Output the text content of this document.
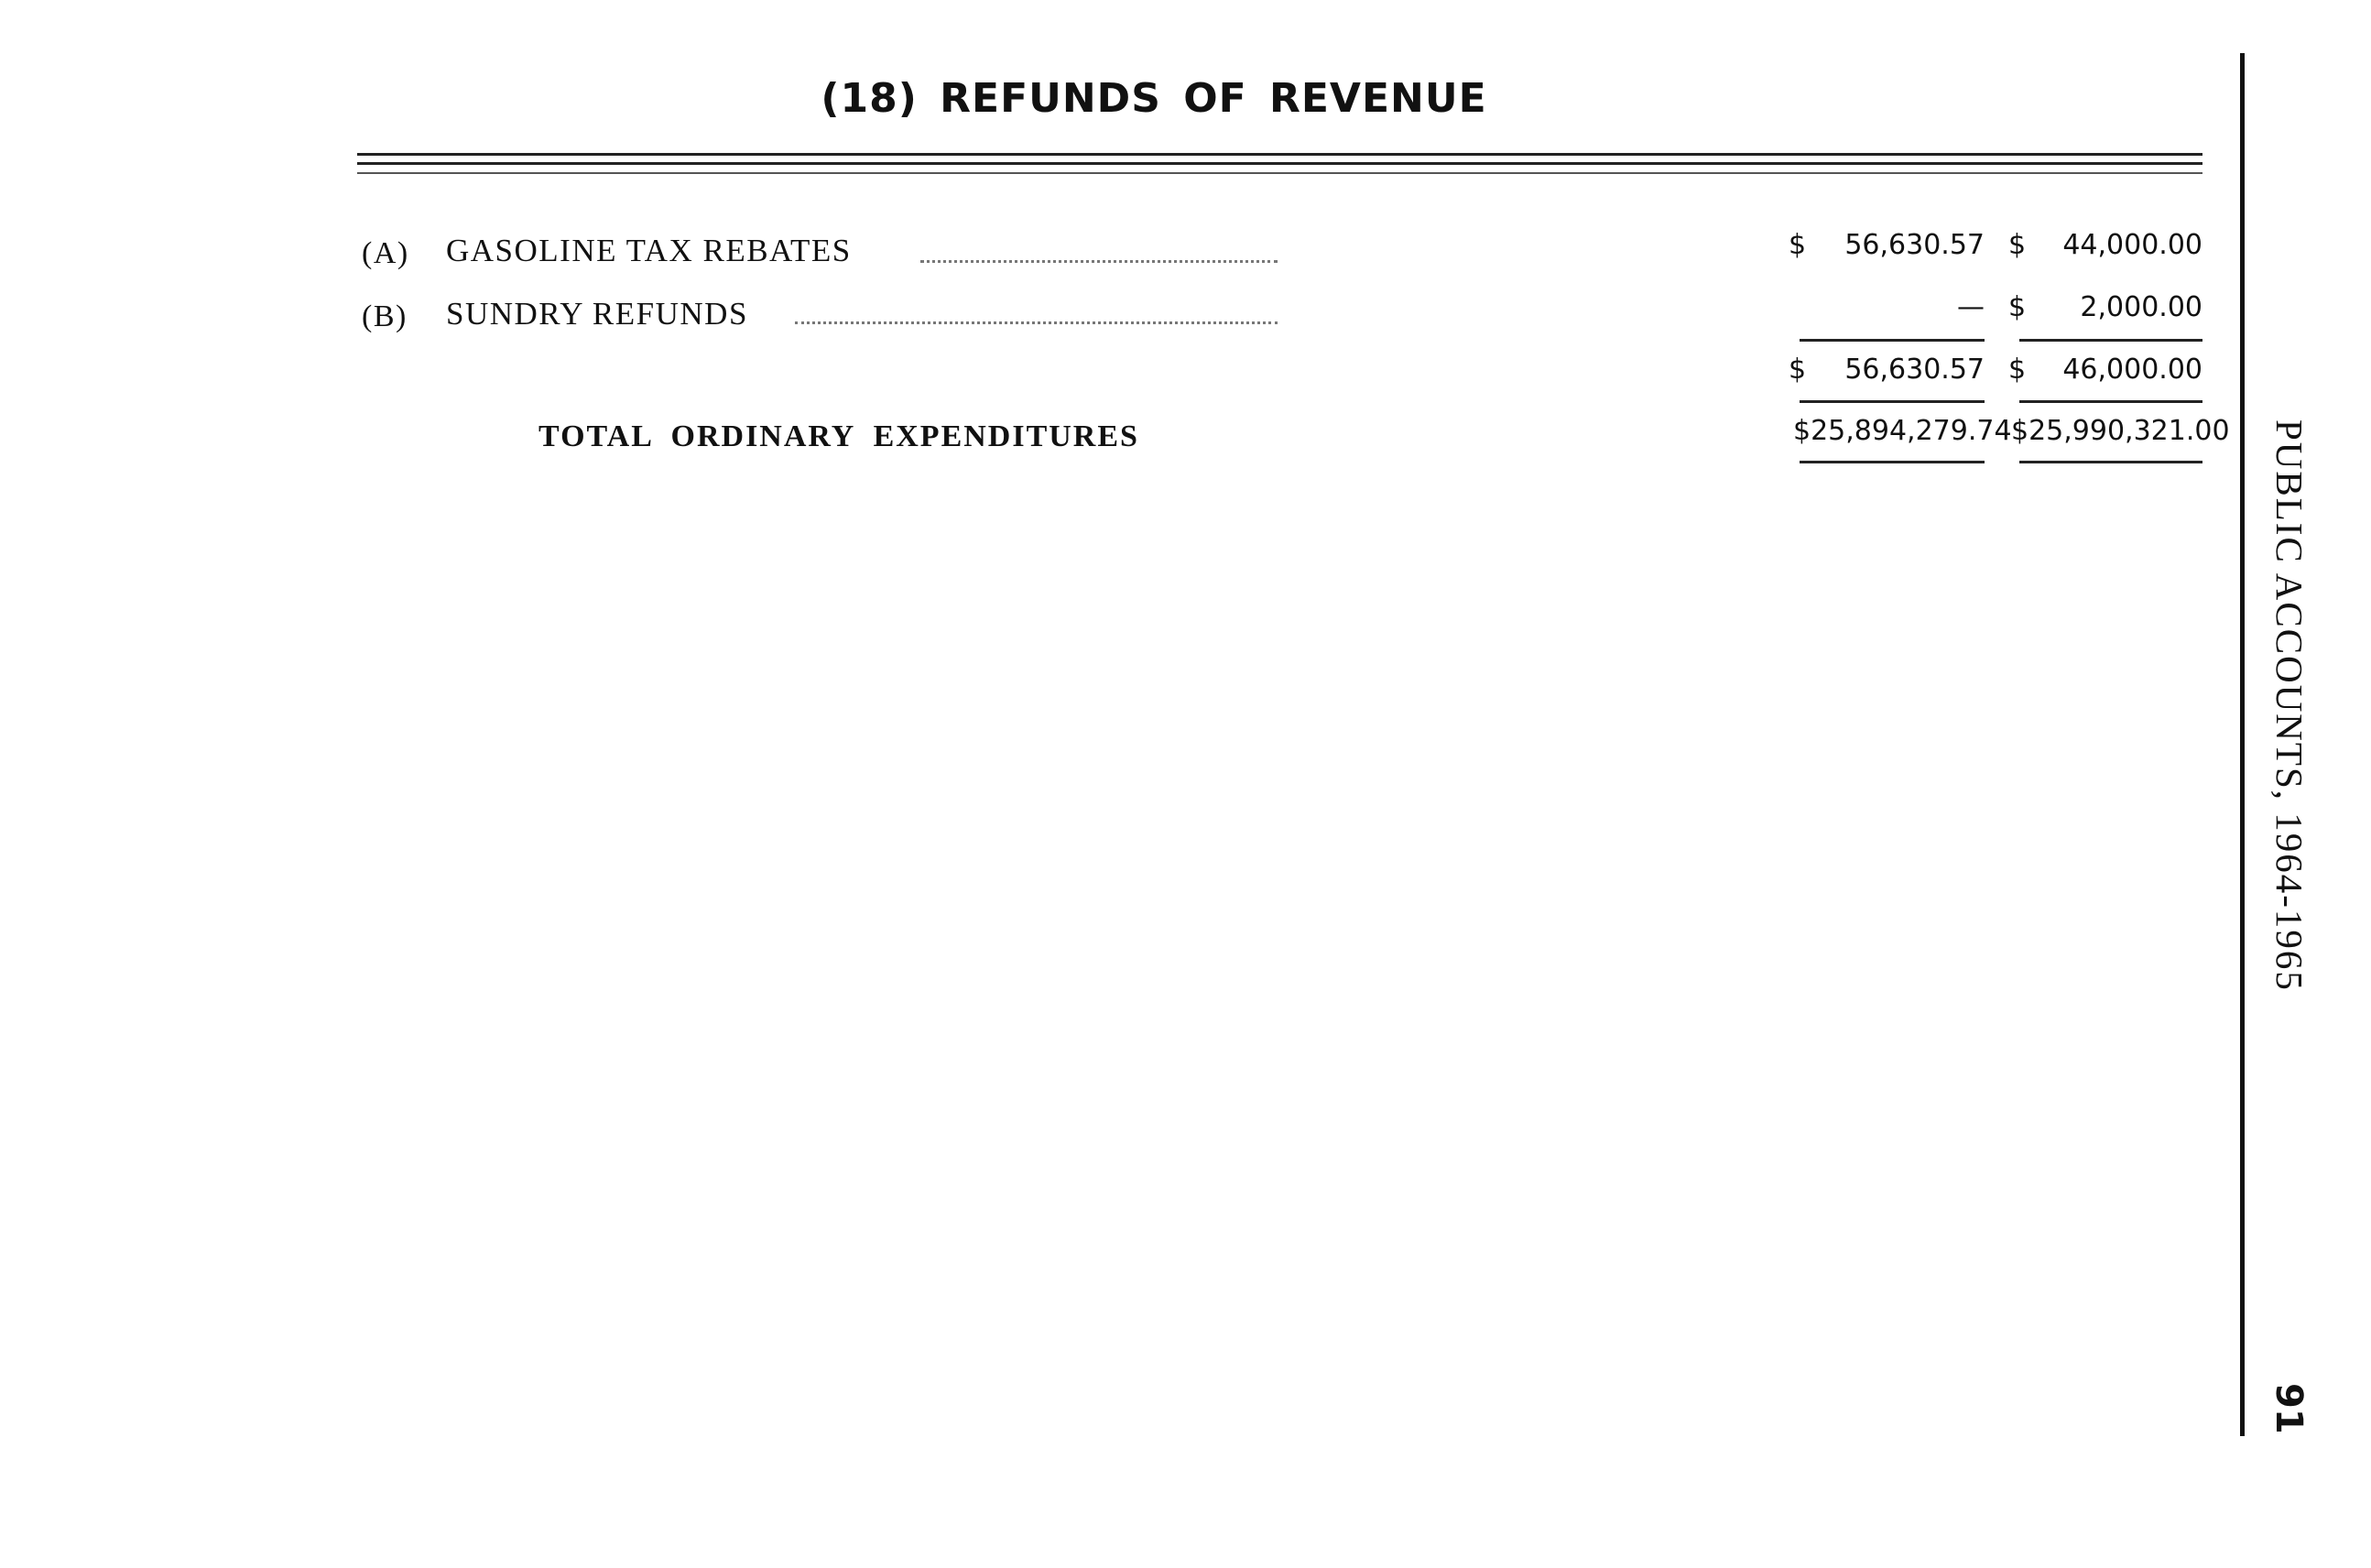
(18) REFUNDS OF REVENUE
(A) GASOLINE TAX REBATES	$	56,630.57 $	44,000.00
(B) SUNDRY REFUNDS	— $	2,000.00
$	56,630.57 $	46,000.00
TOTAL ORDINARY EXPENDITURES	$25,894,279.74 $25,990,321.00 PUBLIC ACCOUNTS, 1964-1965
91
